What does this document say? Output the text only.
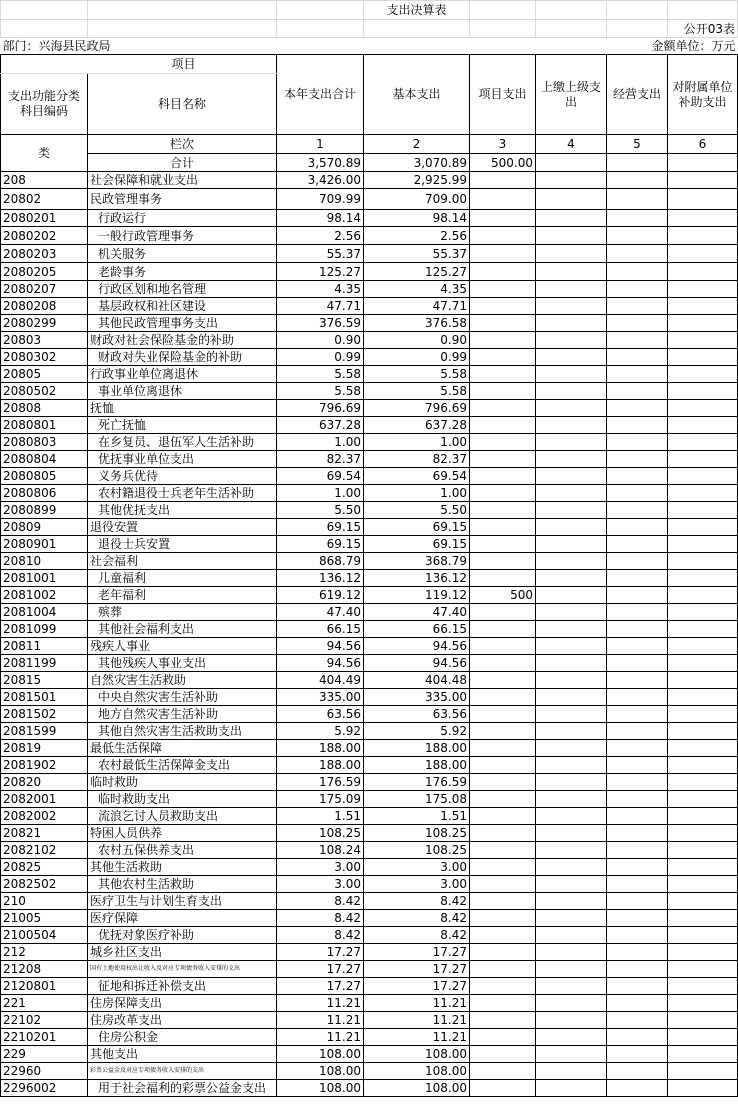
			支出决算表				
							公开03表
部门：兴海县民政局						金额单位：万元	
项目		本年支出合计	基本支出	项目支出	上缴上级支出	经营支出	对附属单位补助支出
支出功能分类科目编码	科目名称						
类	栏次	1	2	3	4	5	6
	合计	3,570.89	3,070.89	500.00			
208	社会保障和就业支出	3,426.00	2,925.99				
20802	民政管理事务	709.99	709.00				
2080201	行政运行	98.14	98.14				
2080202	一般行政管理事务	2.56	2.56				
2080203	机关服务	55.37	55.37				
2080205	老龄事务	125.27	125.27				
2080207	行政区划和地名管理	4.35	4.35				
2080208	基层政权和社区建设	47.71	47.71				
2080299	其他民政管理事务支出	376.59	376.58				
20803	财政对社会保险基金的补助	0.90	0.90				
2080302	财政对失业保险基金的补助	0.99	0.99				
20805	行政事业单位离退休	5.58	5.58				
2080502	事业单位离退休	5.58	5.58				
20808	抚恤	796.69	796.69				
2080801	死亡抚恤	637.28	637.28				
2080803	在乡复员、退伍军人生活补助	1.00	1.00				
2080804	优抚事业单位支出	82.37	82.37				
2080805	义务兵优待	69.54	69.54				
2080806	农村籍退役士兵老年生活补助	1.00	1.00				
2080899	其他优抚支出	5.50	5.50				
20809	退役安置	69.15	69.15				
2080901	退役士兵安置	69.15	69.15				
20810	社会福利	868.79	368.79				
2081001	儿童福利	136.12	136.12				
2081002	老年福利	619.12	119.12	500			
2081004	殡葬	47.40	47.40				
2081099	其他社会福利支出	66.15	66.15				
20811	残疾人事业	94.56	94.56				
2081199	其他残疾人事业支出	94.56	94.56				
20815	自然灾害生活救助	404.49	404.48				
2081501	中央自然灾害生活补助	335.00	335.00				
2081502	地方自然灾害生活补助	63.56	63.56				
2081599	其他自然灾害生活救助支出	5.92	5.92				
20819	最低生活保障	188.00	188.00				
2081902	农村最低生活保障金支出	188.00	188.00				
20820	临时救助	176.59	176.59				
2082001	临时救助支出	175.09	175.08				
2082002	流浪乞讨人员救助支出	1.51	1.51				
20821	特困人员供养	108.25	108.25				
2082102	农村五保供养支出	108.24	108.25				
20825	其他生活救助	3.00	3.00				
2082502	其他农村生活救助	3.00	3.00				
210	医疗卫生与计划生育支出	8.42	8.42				
21005	医疗保障	8.42	8.42				
2100504	优抚对象医疗补助	8.42	8.42				
212	城乡社区支出	17.27	17.27				
21208	国有土地使用权出让收入及对应专项债务收入安排的支出	17.27	17.27				
2120801	征地和拆迁补偿支出	17.27	17.27				
221	住房保障支出	11.21	11.21				
22102	住房改革支出	11.21	11.21				
2210201	住房公积金	11.21	11.21				
229	其他支出	108.00	108.00				
22960	彩票公益金及对应专项债务收入安排的支出	108.00	108.00				
2296002	用于社会福利的彩票公益金支出	108.00	108.00				
